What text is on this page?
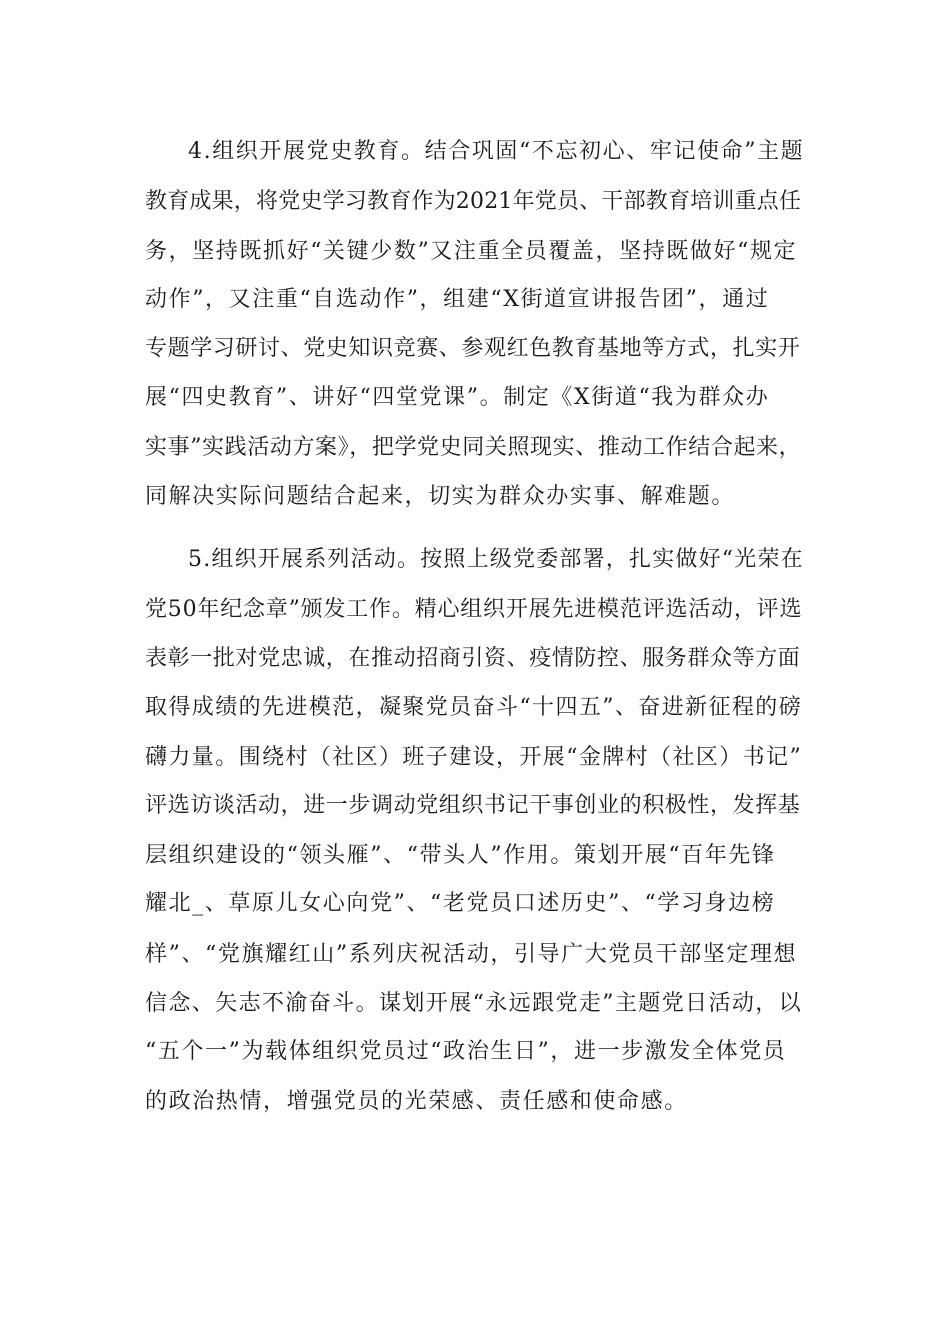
4.组织开展党史教育。结合巩固“不忘初心、牢记使命”主题
教育成果，将党史学习教育作为2021年党员、干部教育培训重点任
务，坚持既抓好“关键少数”又注重全员覆盖，坚持既做好“规定
动作”，又注重“自选动作”，组建“X街道宣讲报告团”，通过
专题学习研讨、党史知识竞赛、参观红色教育基地等方式，扎实开
展“四史教育”、讲好“四堂党课”。制定《X街道“我为群众办
实事”实践活动方案》，把学党史同关照现实、推动工作结合起来，
同解决实际问题结合起来，切实为群众办实事、解难题。
5.组织开展系列活动。按照上级党委部署，扎实做好“光荣在
党50年纪念章”颁发工作。精心组织开展先进模范评选活动，评选
表彰一批对党忠诚，在推动招商引资、疫情防控、服务群众等方面
取得成绩的先进模范，凝聚党员奋斗“十四五”、奋进新征程的磅
礴力量。围绕村（社区）班子建设，开展“金牌村（社区）书记”
评选访谈活动，进一步调动党组织书记干事创业的积极性，发挥基
层组织建设的“领头雁”、“带头人”作用。策划开展“百年先锋
耀北_、草原儿女心向党”、“老党员口述历史”、“学习身边榜
样”、“党旗耀红山”系列庆祝活动，引导广大党员干部坚定理想
信念、矢志不渝奋斗。谋划开展“永远跟党走”主题党日活动，以
“五个一”为载体组织党员过“政治生日”，进一步激发全体党员
的政治热情，增强党员的光荣感、责任感和使命感。
